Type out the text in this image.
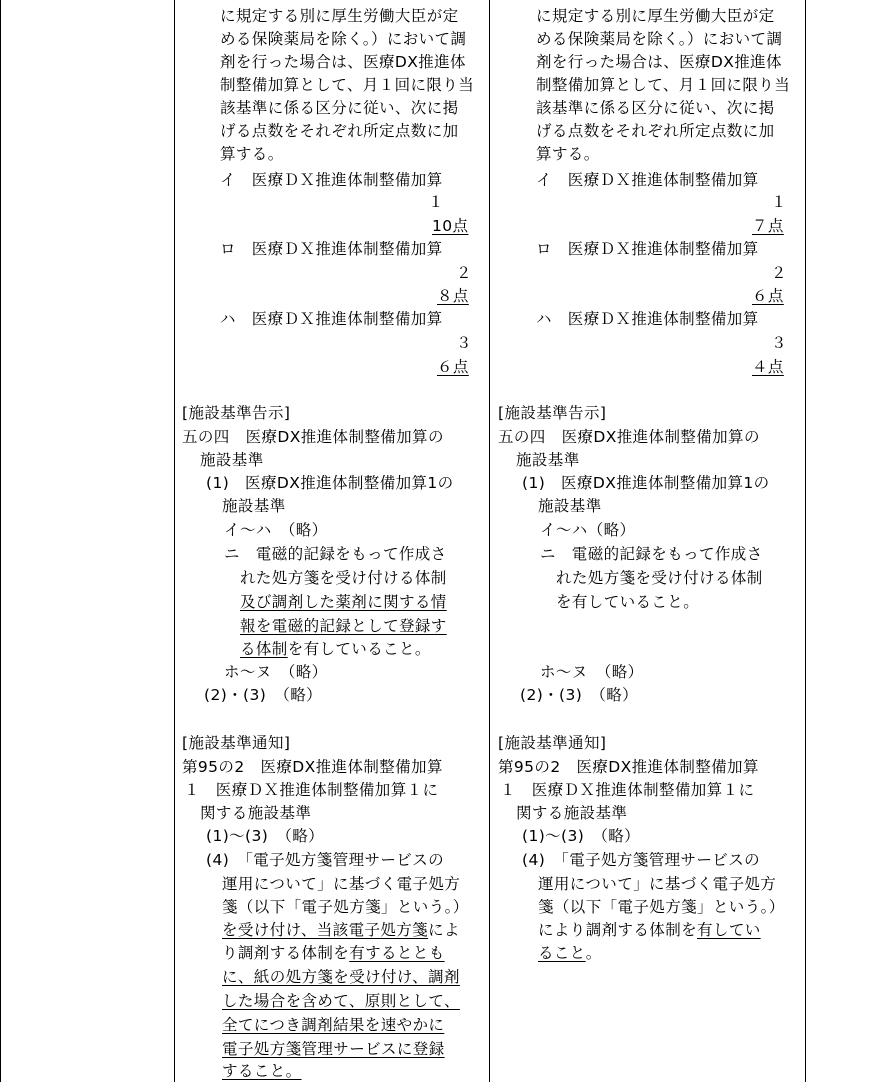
に規定する別に厚生労働大臣が定
める保険薬局を除く。）において調
剤を行った場合は、医療DX推進体
制整備加算として、月１回に限り当
該基準に係る区分に従い、次に掲
げる点数をそれぞれ所定点数に加
算する。
イ　医療ＤＸ推進体制整備加算
１
10点
ロ　医療ＤＸ推進体制整備加算
２
８点
ハ　医療ＤＸ推進体制整備加算
３
６点
[施設基準告示]
五の四　医療DX推進体制整備加算の
施設基準
(1)　医療DX推進体制整備加算1の
施設基準
イ～ハ　（略）
ニ　電磁的記録をもって作成さ
れた処方箋を受け付ける体制
及び調剤した薬剤に関する情
報を電磁的記録として登録す
る体制を有していること。
ホ～ヌ　（略）
(2)・(3)　（略）
[施設基準通知]
第95の2　医療DX推進体制整備加算
１　医療ＤＸ推進体制整備加算１に
関する施設基準
(1)～(3)　（略）
(4)　「電子処方箋管理サービスの
運用について」に基づく電子処方
箋（以下「電子処方箋」という。）
を受け付け、当該電子処方箋によ
り調剤する体制を有するととも
に、紙の処方箋を受け付け、調剤
した場合を含めて、原則として、
全てにつき調剤結果を速やかに
電子処方箋管理サービスに登録
すること。
に規定する別に厚生労働大臣が定
める保険薬局を除く。）において調
剤を行った場合は、医療DX推進体
制整備加算として、月１回に限り当
該基準に係る区分に従い、次に掲
げる点数をそれぞれ所定点数に加
算する。
イ　医療ＤＸ推進体制整備加算
１
７点
ロ　医療ＤＸ推進体制整備加算
２
６点
ハ　医療ＤＸ推進体制整備加算
３
４点
[施設基準告示]
五の四　医療DX推進体制整備加算の
施設基準
(1)　医療DX推進体制整備加算1の
施設基準
イ～ハ（略）
ニ　電磁的記録をもって作成さ
れた処方箋を受け付ける体制
を有していること。
ホ～ヌ　（略）
(2)・(3)　（略）
[施設基準通知]
第95の2　医療DX推進体制整備加算
１　医療ＤＸ推進体制整備加算１に
関する施設基準
(1)～(3)　（略）
(4)　「電子処方箋管理サービスの
運用について」に基づく電子処方
箋（以下「電子処方箋」という。）
により調剤する体制を有してい
ること。
